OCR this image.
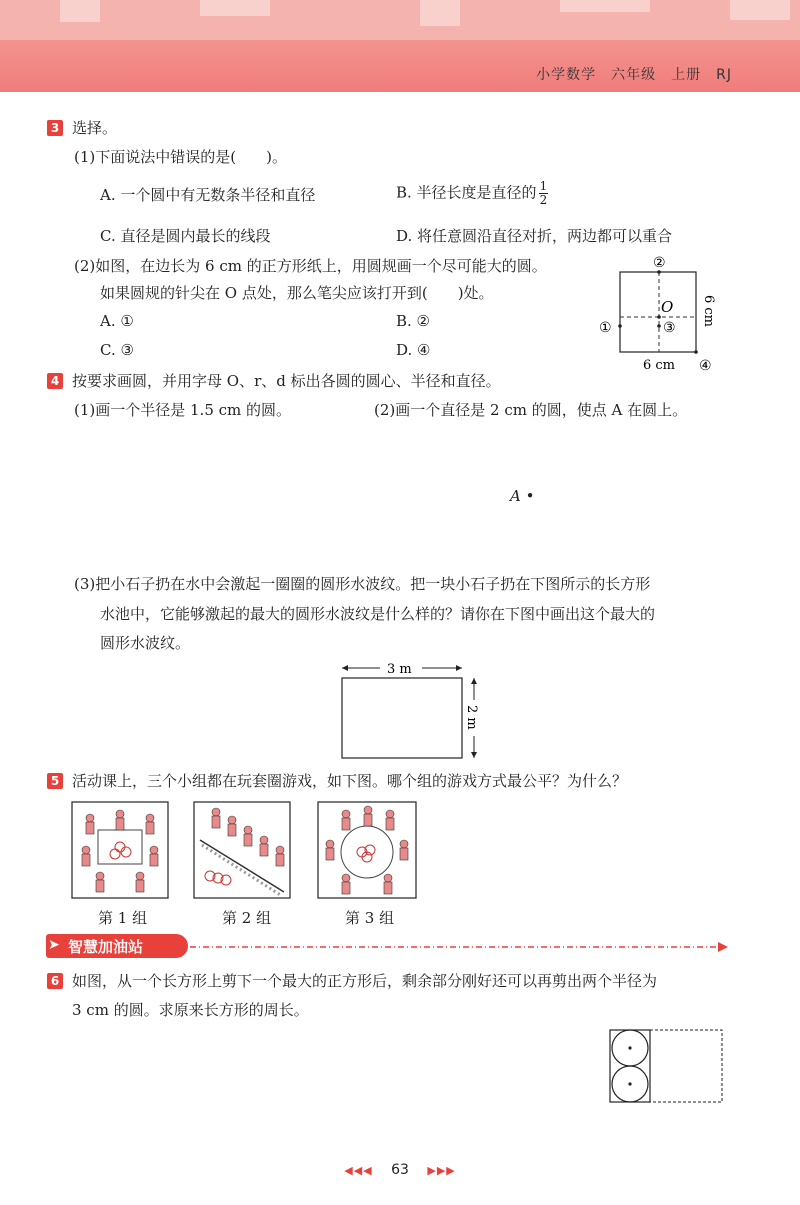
小学数学　六年级　上册　RJ
3 选择。
(1)下面说法中错误的是(　　)。
A. 一个圆中有无数条半径和直径	B. 半径长度是直径的 $\frac{1}{2}$
C. 直径是圆内最长的线段	D. 将任意圆沿直径对折，两边都可以重合
(2)如图，在边长为 6 cm 的正方形纸上，用圆规画一个尽可能大的圆。
如果圆规的针尖在 O 点处，那么笔尖应该打开到(　　)处。
A. ①	B. ②
C. ③	D. ④
②
O
①	③
④
6 cm
6 cm
4 按要求画圆，并用字母 O、r、d 标出各圆的圆心、半径和直径。
(1)画一个半径是 1.5 cm 的圆。	(2)画一个直径是 2 cm 的圆，使点 A 在圆上。
A •
(3)把小石子扔在水中会激起一圈圈的圆形水波纹。把一块小石子扔在下图所示的长方形
水池中，它能够激起的最大的圆形水波纹是什么样的？请你在下图中画出这个最大的
圆形水波纹。
3 m
2 m
5 活动课上，三个小组都在玩套圈游戏，如下图。哪个组的游戏方式最公平？为什么？
第 1 组	第 2 组	第 3 组
➤ 智慧加油站
6 如图，从一个长方形上剪下一个最大的正方形后，剩余部分刚好还可以再剪出两个半径为
3 cm 的圆。求原来长方形的周长。
◀◀◀ 63 ▶▶▶
